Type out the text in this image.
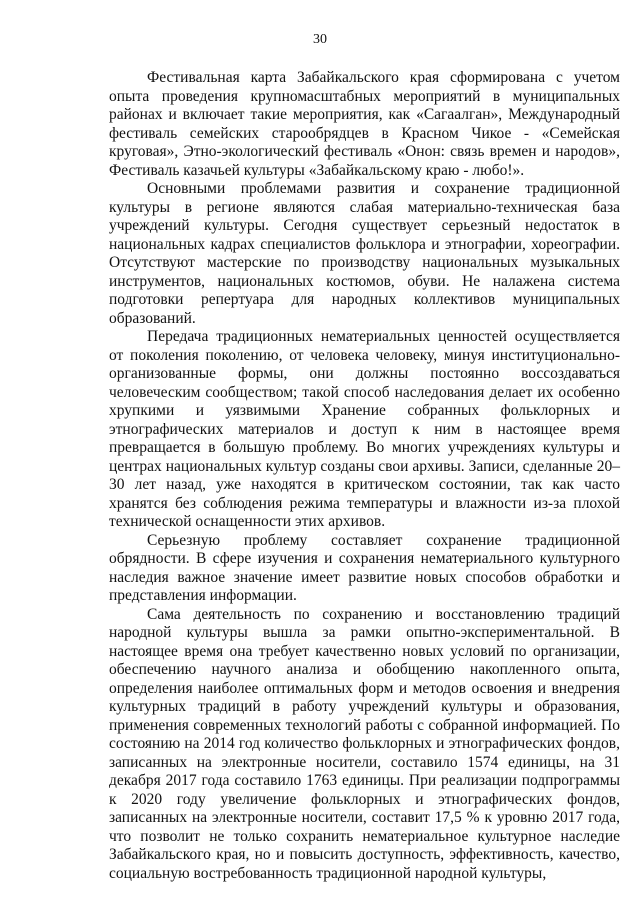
30

Фестивальная карта Забайкальского края сформирована с учетом опыта проведения крупномасштабных мероприятий в муниципальных районах и включает такие мероприятия, как «Сагаалган», Международный фестиваль семейских старообрядцев в Красном Чикое - «Семейская круговая», Этно-экологический фестиваль «Онон: связь времен и народов», Фестиваль казачьей культуры «Забайкальскому краю - любо!».

Основными проблемами развития и сохранение традиционной культуры в регионе являются слабая материально-техническая база учреждений культуры. Сегодня существует серьезный недостаток в национальных кадрах специалистов фольклора и этнографии, хореографии. Отсутствуют мастерские по производству национальных музыкальных инструментов, национальных костюмов, обуви. Не налажена система подготовки репертуара для народных коллективов муниципальных образований.

Передача традиционных нематериальных ценностей осуществляется от поколения поколению, от человека человеку, минуя институционально-организованные формы, они должны постоянно воссоздаваться человеческим сообществом; такой способ наследования делает их особенно хрупкими и уязвимыми Хранение собранных фольклорных и этнографических материалов и доступ к ним в настоящее время превращается в большую проблему. Во многих учреждениях культуры и центрах национальных культур созданы свои архивы. Записи, сделанные 20–30 лет назад, уже находятся в критическом состоянии, так как часто хранятся без соблюдения режима температуры и влажности из-за плохой технической оснащенности этих архивов.

Серьезную проблему составляет сохранение традиционной обрядности. В сфере изучения и сохранения нематериального культурного наследия важное значение имеет развитие новых способов обработки и представления информации.

Сама деятельность по сохранению и восстановлению традиций народной культуры вышла за рамки опытно-экспериментальной. В настоящее время она требует качественно новых условий по организации, обеспечению научного анализа и обобщению накопленного опыта, определения наиболее оптимальных форм и методов освоения и внедрения культурных традиций в работу учреждений культуры и образования, применения современных технологий работы с собранной информацией. По состоянию на 2014 год количество фольклорных и этнографических фондов, записанных на электронные носители, составило 1574 единицы, на 31 декабря 2017 года составило 1763 единицы. При реализации подпрограммы к 2020 году увеличение фольклорных и этнографических фондов, записанных на электронные носители, составит 17,5 % к уровню 2017 года, что позволит не только сохранить нематериальное культурное наследие Забайкальского края, но и повысить доступность, эффективность, качество, социальную востребованность традиционной народной культуры,
